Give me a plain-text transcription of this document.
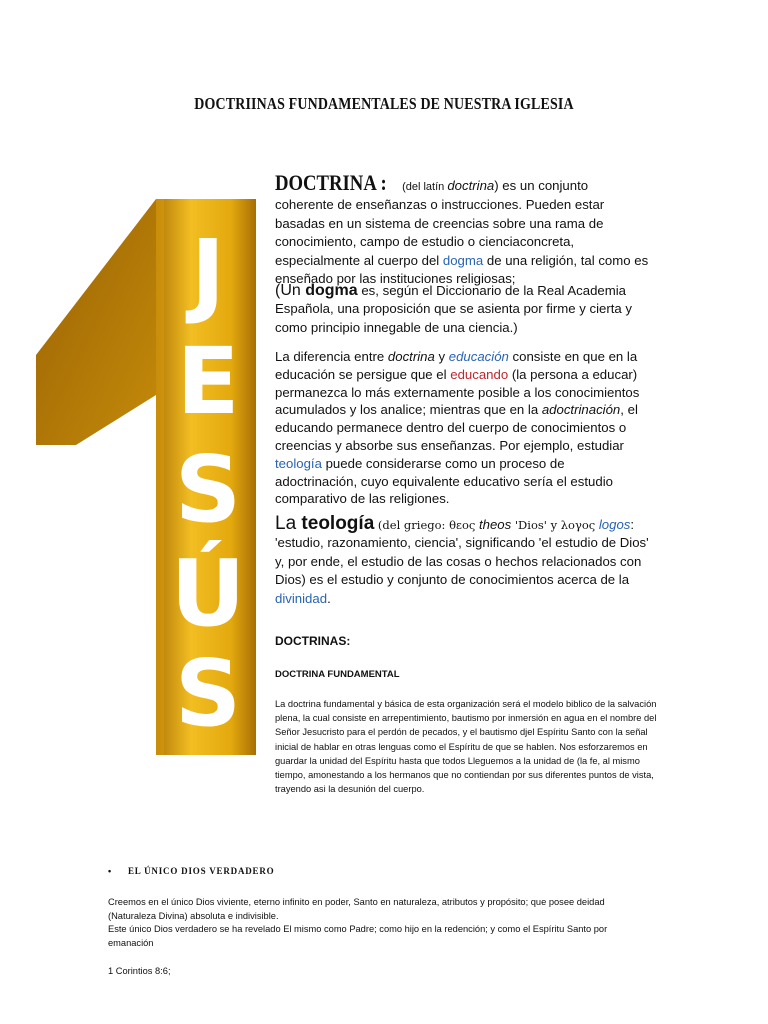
DOCTRIINAS FUNDAMENTALES DE NUESTRA IGLESIA
J
E
S
Ú
S
DOCTRINA : (del latín doctrina) es un conjunto coherente de enseñanzas o instrucciones. Pueden estar basadas en un sistema de creencias sobre una rama de conocimiento, campo de estudio o cienciaconcreta, especialmente al cuerpo del dogma de una religión, tal como es enseñado por las instituciones religiosas;
(Un dogma es, según el Diccionario de la Real Academia Española, una proposición que se asienta por firme y cierta y como principio innegable de una ciencia.)
La diferencia entre doctrina y educación consiste en que en la educación se persigue que el educando (la persona a educar) permanezca lo más externamente posible a los conocimientos acumulados y los analice; mientras que en la adoctrinación, el educando permanece dentro del cuerpo de conocimientos o creencias y absorbe sus enseñanzas. Por ejemplo, estudiar teología puede considerarse como un proceso de adoctrinación, cuyo equivalente educativo sería el estudio comparativo de las religiones.
La teología (del griego: θεος theos 'Dios' y λογος logos: 'estudio, razonamiento, ciencia', significando 'el estudio de Dios' y, por ende, el estudio de las cosas o hechos relacionados con Dios) es el estudio y conjunto de conocimientos acerca de la divinidad.
DOCTRINAS:
DOCTRINA FUNDAMENTAL
La doctrina fundamental y básica de esta organización será el modelo biblico de la salvación plena, la cual consiste en arrepentimiento, bautismo por inmersión en agua en el nombre del Señor Jesucristo para el perdón de pecados, y el bautismo djel Espíritu Santo con la señal inicial de hablar en otras lenguas como el Espíritu de que se hablen. Nos esforzaremos en guardar la unidad del Espíritu hasta que todos Lleguemos a la unidad de (la fe, al mismo tiempo, amonestando a los hermanos que no contiendan por sus diferentes puntos de vista, trayendo asi la desunión del cuerpo.
• EL ÚNICO DIOS VERDADERO
Creemos en el único Dios viviente, eterno infinito en poder, Santo en naturaleza, atributos y propósito; que posee deidad (Naturaleza Divina) absoluta e indivisible.
Este único Dios verdadero se ha revelado El mismo como Padre; como hijo en la redención; y como el Espíritu Santo por emanación
1 Corintios 8:6;
